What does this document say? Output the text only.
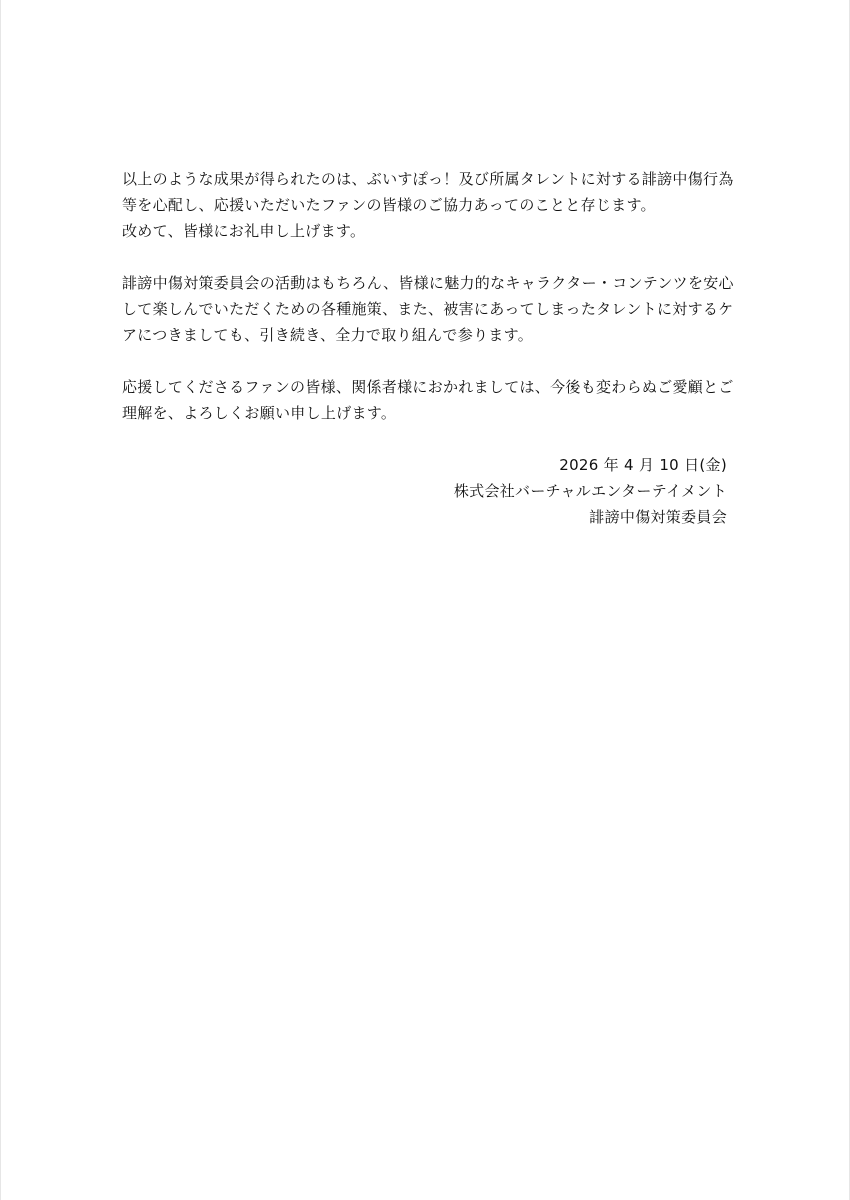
以上のような成果が得られたのは、ぶいすぽっ！及び所属タレントに対する誹謗中傷行為
等を心配し、応援いただいたファンの皆様のご協力あってのことと存じます。
改めて、皆様にお礼申し上げます。

誹謗中傷対策委員会の活動はもちろん、皆様に魅力的なキャラクター・コンテンツを安心
して楽しんでいただくための各種施策、また、被害にあってしまったタレントに対するケ
アにつきましても、引き続き、全力で取り組んで参ります。

応援してくださるファンの皆様、関係者様におかれましては、今後も変わらぬご愛顧とご
理解を、よろしくお願い申し上げます。

2026 年 4 月 10 日(金)
株式会社バーチャルエンターテイメント
誹謗中傷対策委員会
